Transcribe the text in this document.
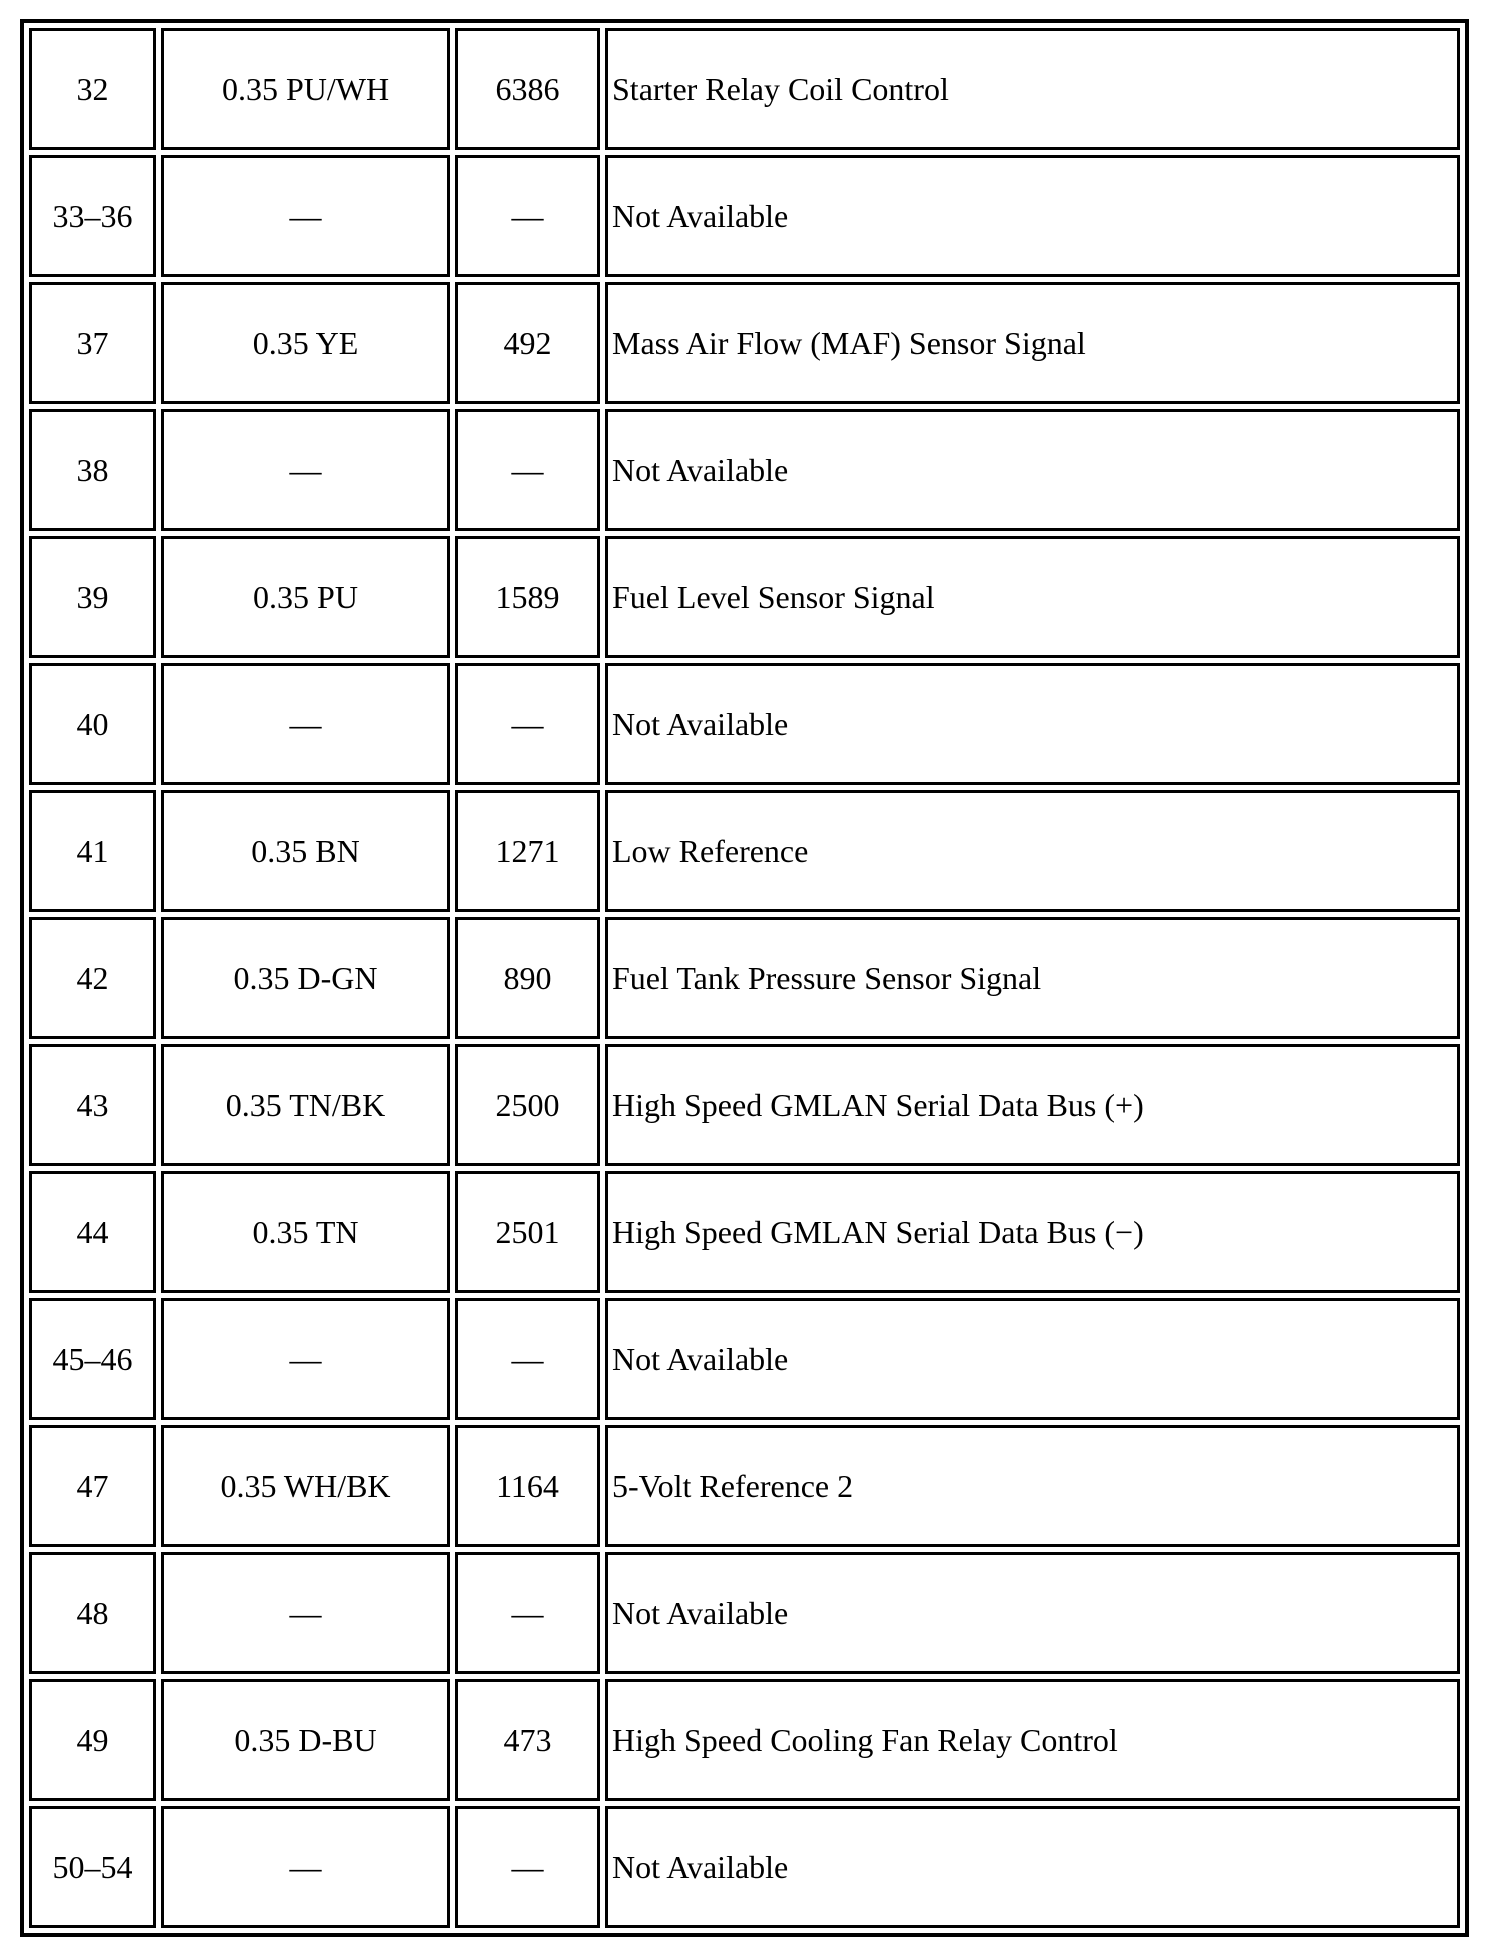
32	0.35 PU/WH	6386	Starter Relay Coil Control
33–36	—	—	Not Available
37	0.35 YE	492	Mass Air Flow (MAF) Sensor Signal
38	—	—	Not Available
39	0.35 PU	1589	Fuel Level Sensor Signal
40	—	—	Not Available
41	0.35 BN	1271	Low Reference
42	0.35 D-GN	890	Fuel Tank Pressure Sensor Signal
43	0.35 TN/BK	2500	High Speed GMLAN Serial Data Bus (+)
44	0.35 TN	2501	High Speed GMLAN Serial Data Bus (−)
45–46	—	—	Not Available
47	0.35 WH/BK	1164	5-Volt Reference 2
48	—	—	Not Available
49	0.35 D-BU	473	High Speed Cooling Fan Relay Control
50–54	—	—	Not Available
